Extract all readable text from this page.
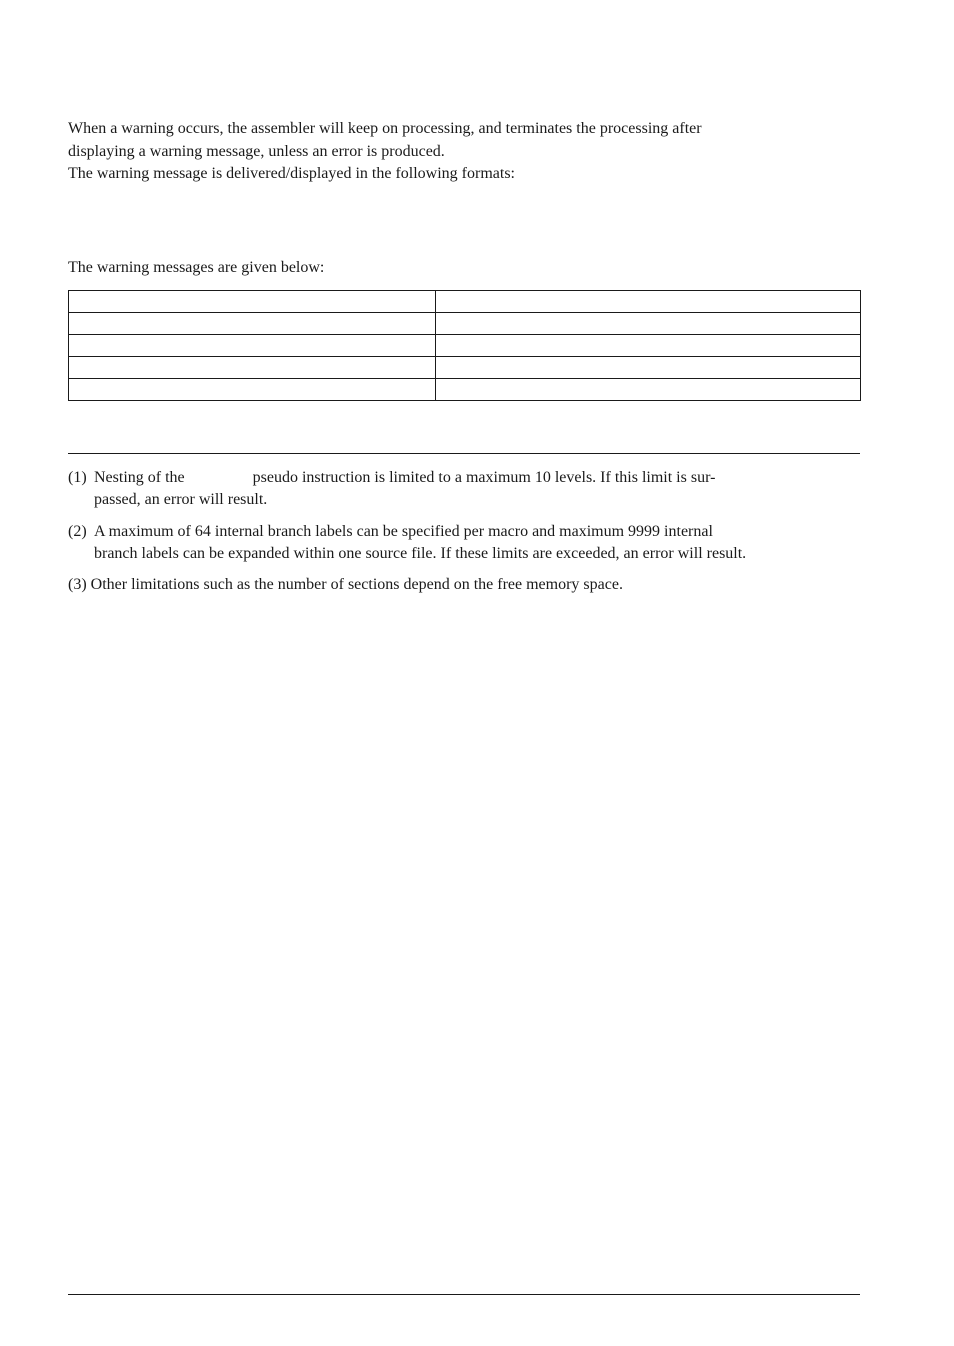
When a warning occurs, the assembler will keep on processing, and terminates the processing after
displaying a warning message, unless an error is produced.
The warning message is delivered/displayed in the following formats:

The warning messages are given below:

(1) Nesting of the	pseudo instruction is limited to a maximum 10 levels. If this limit is sur-
passed, an error will result.
(2) A maximum of 64 internal branch labels can be specified per macro and maximum 9999 internal
branch labels can be expanded within one source file. If these limits are exceeded, an error will result.
(3) Other limitations such as the number of sections depend on the free memory space.
